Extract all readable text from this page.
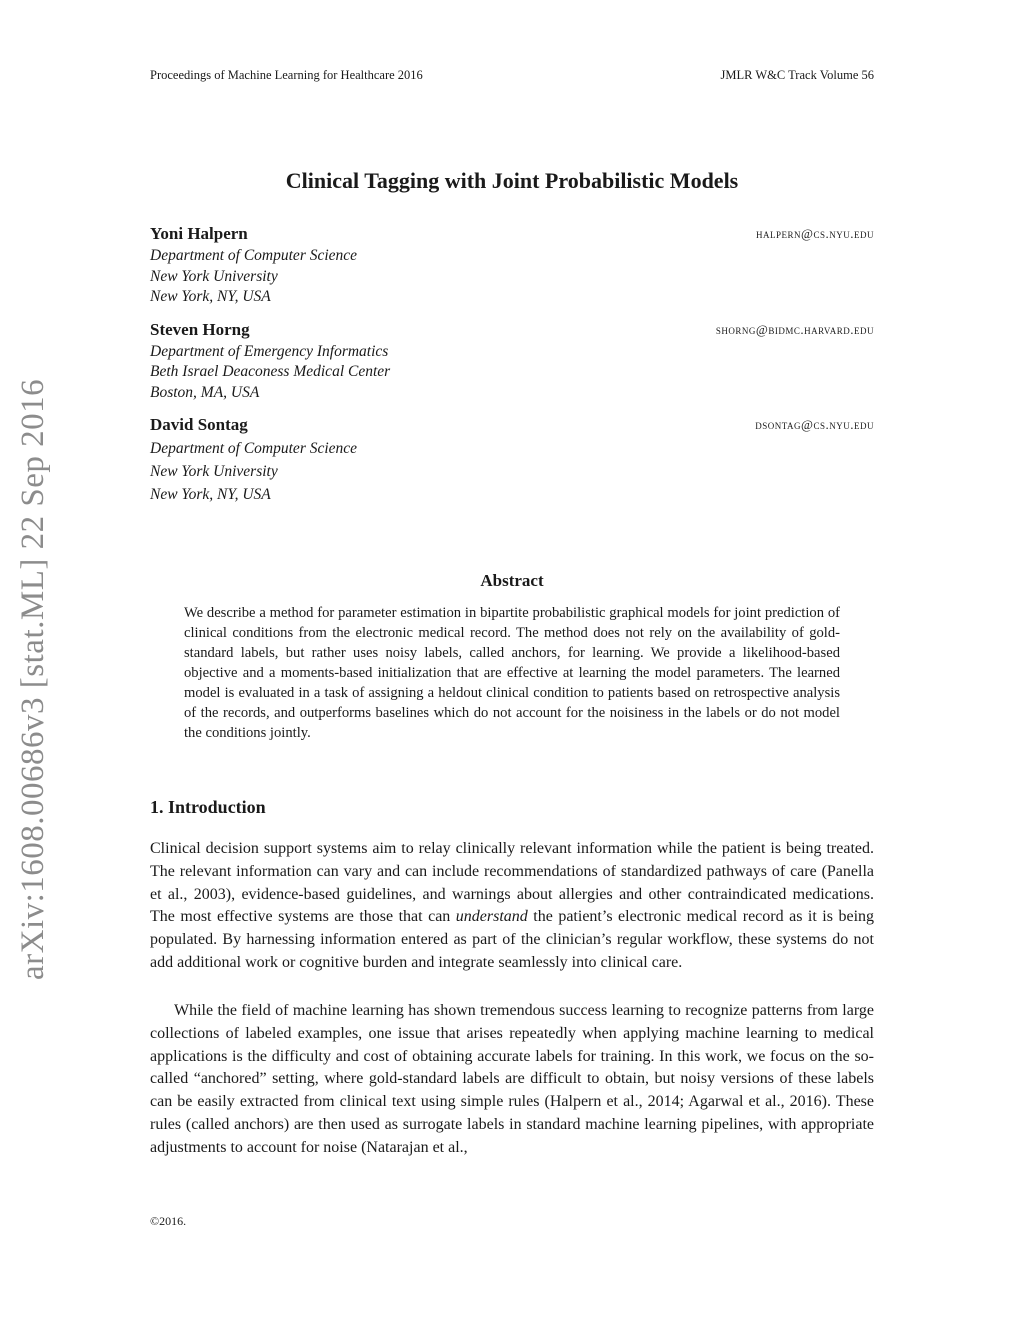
Proceedings of Machine Learning for Healthcare 2016	JMLR W&C Track Volume 56
Clinical Tagging with Joint Probabilistic Models
Yoni Halpern	halpern@cs.nyu.edu
Department of Computer Science
New York University
New York, NY, USA
Steven Horng	shorng@bidmc.harvard.edu
Department of Emergency Informatics
Beth Israel Deaconess Medical Center
Boston, MA, USA
David Sontag	dsontag@cs.nyu.edu
Department of Computer Science
New York University
New York, NY, USA
arXiv:1608.00686v3 [stat.ML] 22 Sep 2016	Abstract
We describe a method for parameter estimation in bipartite probabilistic graphical models for joint prediction of clinical conditions from the electronic medical record. The method does not rely on the availability of gold-standard labels, but rather uses noisy labels, called anchors, for learning. We provide a likelihood-based objective and a moments-based initialization that are effective at learning the model parameters. The learned model is evaluated in a task of assigning a heldout clinical condition to patients based on retrospective analysis of the records, and outperforms baselines which do not account for the noisiness in the labels or do not model the conditions jointly.
1. Introduction
Clinical decision support systems aim to relay clinically relevant information while the patient is being treated. The relevant information can vary and can include recommendations of standardized pathways of care (Panella et al., 2003), evidence-based guidelines, and warnings about allergies and other contraindicated medications. The most effective systems are those that can understand the patient’s electronic medical record as it is being populated. By harnessing information entered as part of the clinician’s regular workflow, these systems do not add additional work or cognitive burden and integrate seamlessly into clinical care.
While the field of machine learning has shown tremendous success learning to recognize patterns from large collections of labeled examples, one issue that arises repeatedly when applying machine learning to medical applications is the difficulty and cost of obtaining accurate labels for training. In this work, we focus on the so-called “anchored” setting, where gold-standard labels are difficult to obtain, but noisy versions of these labels can be easily extracted from clinical text using simple rules (Halpern et al., 2014; Agarwal et al., 2016). These rules (called anchors) are then used as surrogate labels in standard machine learning pipelines, with appropriate adjustments to account for noise (Natarajan et al.,
©2016.
